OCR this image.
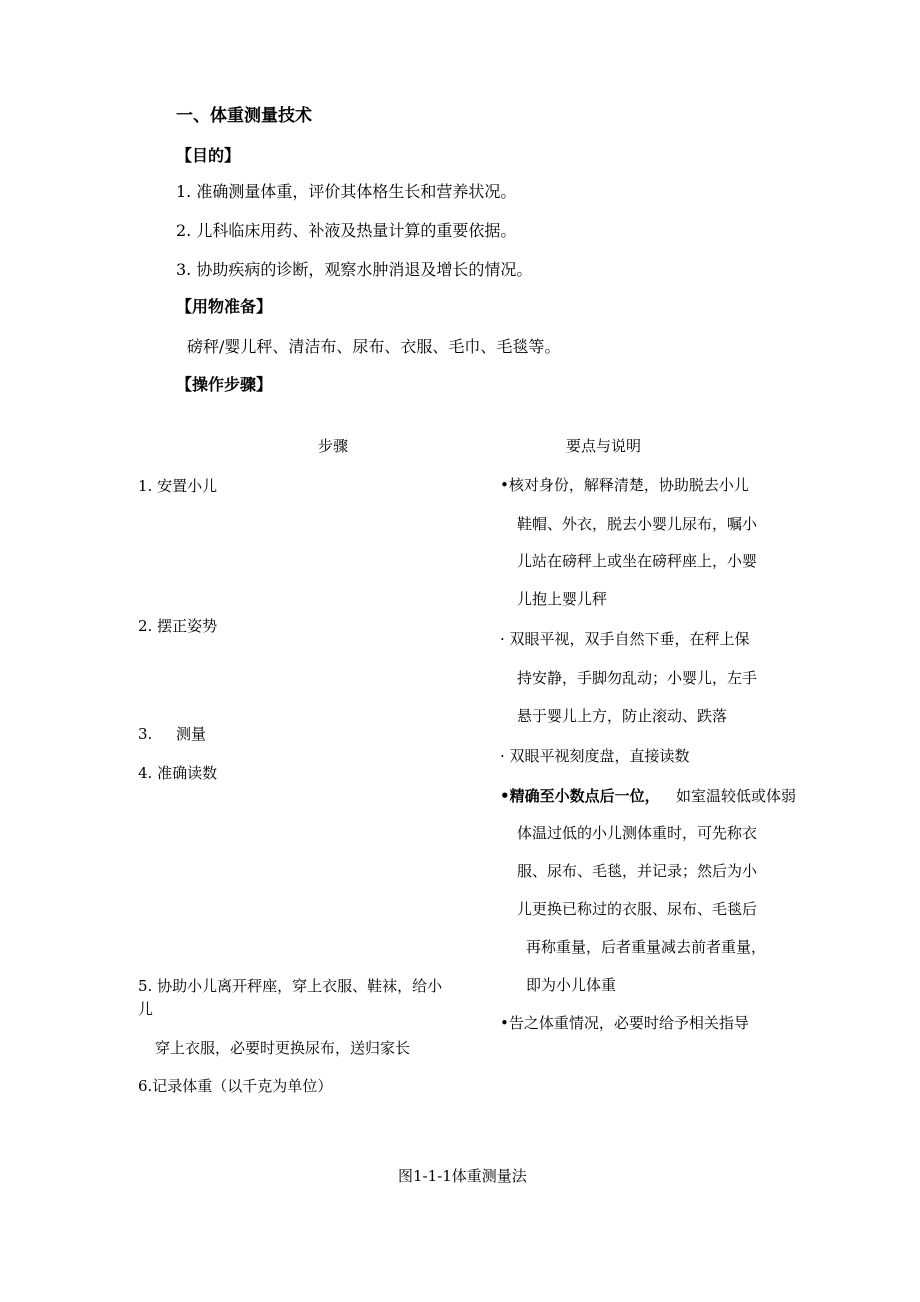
一、体重测量技术
【目的】
1. 准确测量体重，评价其体格生长和营养状况。
2. 儿科临床用药、补液及热量计算的重要依据。
3. 协助疾病的诊断，观察水肿消退及增长的情况。
【用物准备】
磅秤/婴儿秤、清洁布、尿布、衣服、毛巾、毛毯等。
【操作步骤】
步骤	要点与说明
1. 安置小儿
2. 摆正姿势
3. 测量
4. 准确读数
5. 协助小儿离开秤座，穿上衣服、鞋袜，给小
儿
穿上衣服，必要时更换尿布，送归家长
6.记录体重（以千克为单位）
•核对身份，解释清楚，协助脱去小儿
鞋帽、外衣，脱去小婴儿尿布，嘱小
儿站在磅秤上或坐在磅秤座上，小婴
儿抱上婴儿秤
· 双眼平视，双手自然下垂，在秤上保
持安静，手脚勿乱动；小婴儿，左手
悬于婴儿上方，防止滚动、跌落
· 双眼平视刻度盘，直接读数
•精确至小数点后一位， 如室温较低或体弱
体温过低的小儿测体重时，可先称衣
服、尿布、毛毯，并记录；然后为小
儿更换已称过的衣服、尿布、毛毯后
再称重量，后者重量减去前者重量，
即为小儿体重
•告之体重情况，必要时给予相关指导
图1-1-1体重测量法
